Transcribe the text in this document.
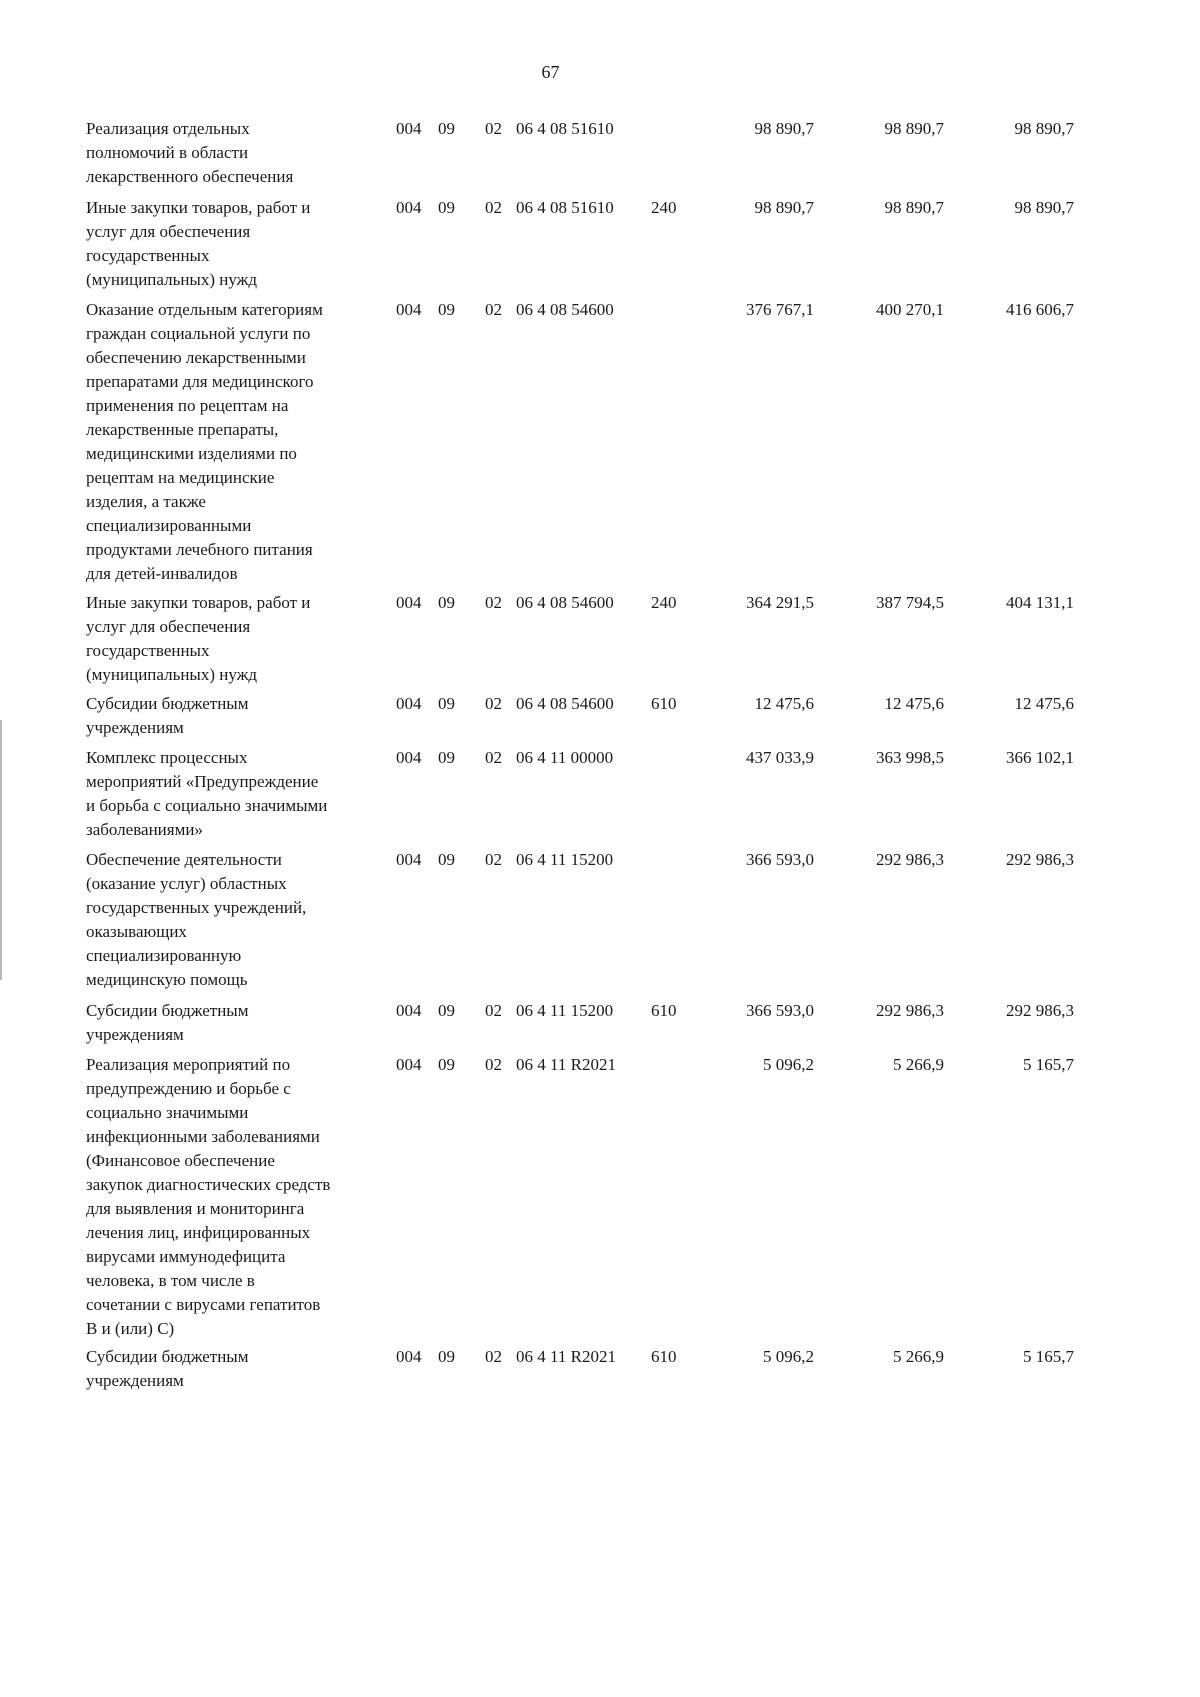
67
Реализация отдельных
полномочий в области
лекарственного обеспечения
004 09 02 06 4 08 51610	98 890,7	98 890,7	98 890,7
Иные закупки товаров, работ и
услуг для обеспечения
государственных
(муниципальных) нужд
004 09 02 06 4 08 51610 240	98 890,7	98 890,7	98 890,7
Оказание отдельным категориям
граждан социальной услуги по
обеспечению лекарственными
препаратами для медицинского
применения по рецептам на
лекарственные препараты,
медицинскими изделиями по
рецептам на медицинские
изделия, а также
специализированными
продуктами лечебного питания
для детей-инвалидов
004 09 02 06 4 08 54600	376 767,1	400 270,1	416 606,7
Иные закупки товаров, работ и
услуг для обеспечения
государственных
(муниципальных) нужд
004 09 02 06 4 08 54600 240	364 291,5	387 794,5	404 131,1
Субсидии бюджетным
учреждениям
004 09 02 06 4 08 54600 610	12 475,6	12 475,6	12 475,6
Комплекс процессных
мероприятий «Предупреждение
и борьба с социально значимыми
заболеваниями»
004 09 02 06 4 11 00000	437 033,9	363 998,5	366 102,1
Обеспечение деятельности
(оказание услуг) областных
государственных учреждений,
оказывающих
специализированную
медицинскую помощь
004 09 02 06 4 11 15200	366 593,0	292 986,3	292 986,3
Субсидии бюджетным
учреждениям
004 09 02 06 4 11 15200 610	366 593,0	292 986,3	292 986,3
Реализация мероприятий по
предупреждению и борьбе с
социально значимыми
инфекционными заболеваниями
(Финансовое обеспечение
закупок диагностических средств
для выявления и мониторинга
лечения лиц, инфицированных
вирусами иммунодефицита
человека, в том числе в
сочетании с вирусами гепатитов
В и (или) С)
004 09 02 06 4 11 R2021	5 096,2	5 266,9	5 165,7
Субсидии бюджетным
учреждениям
004 09 02 06 4 11 R2021 610	5 096,2	5 266,9	5 165,7
